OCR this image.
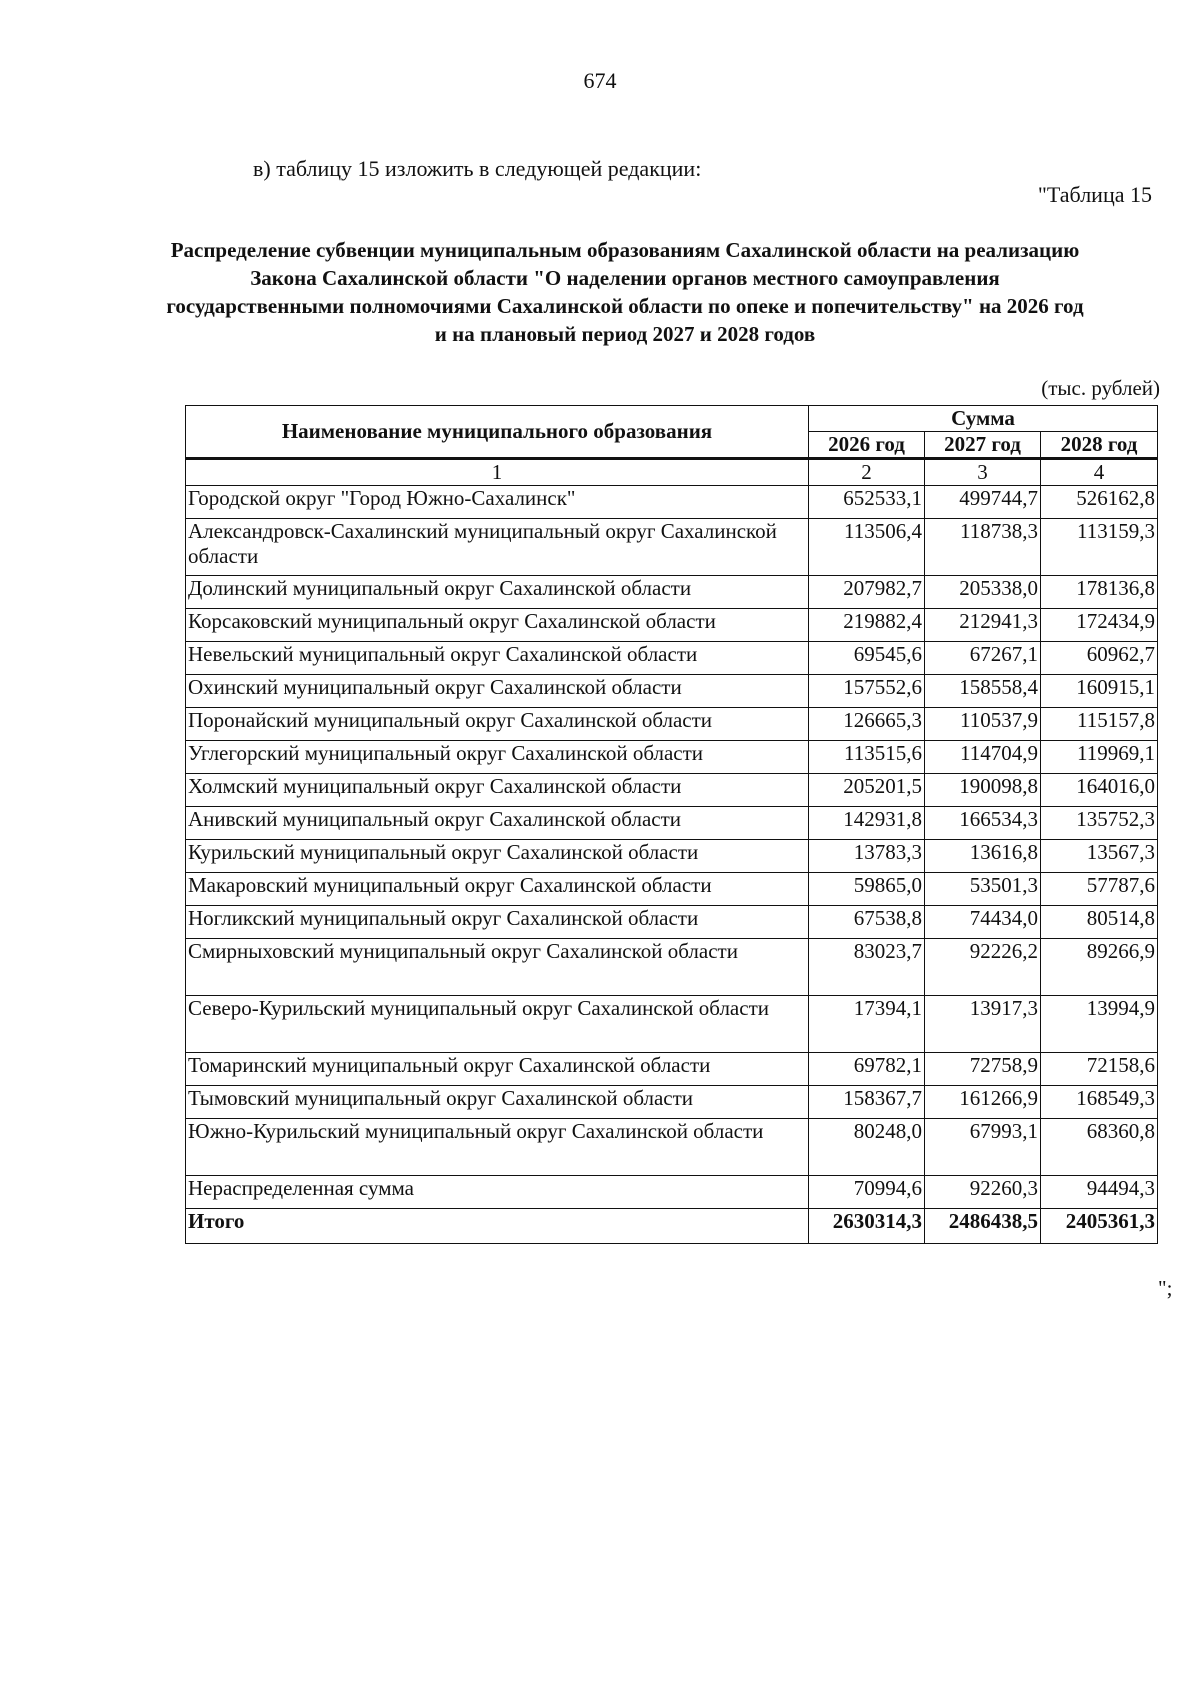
674
в) таблицу 15 изложить в следующей редакции:
"Таблица 15
Распределение субвенции муниципальным образованиям Сахалинской области на реализацию Закона Сахалинской области "О наделении органов местного самоуправления государственными полномочиями Сахалинской области по опеке и попечительству" на 2026 год и на плановый период 2027 и 2028 годов
(тыс. рублей)
Наименование муниципального образования	Сумма		
	2026 год	2027 год	2028 год
1	2	3	4
Городской округ "Город Южно-Сахалинск"	652533,1	499744,7	526162,8
Александровск-Сахалинский муниципальный округ Сахалинской области	113506,4	118738,3	113159,3
Долинский муниципальный округ Сахалинской области	207982,7	205338,0	178136,8
Корсаковский муниципальный округ Сахалинской области	219882,4	212941,3	172434,9
Невельский муниципальный округ Сахалинской области	69545,6	67267,1	60962,7
Охинский муниципальный округ Сахалинской области	157552,6	158558,4	160915,1
Поронайский муниципальный округ Сахалинской области	126665,3	110537,9	115157,8
Углегорский муниципальный округ Сахалинской области	113515,6	114704,9	119969,1
Холмский муниципальный округ Сахалинской области	205201,5	190098,8	164016,0
Анивский муниципальный округ Сахалинской области	142931,8	166534,3	135752,3
Курильский муниципальный округ Сахалинской области	13783,3	13616,8	13567,3
Макаровский муниципальный округ Сахалинской области	59865,0	53501,3	57787,6
Ногликский муниципальный округ Сахалинской области	67538,8	74434,0	80514,8
Смирныховский муниципальный округ Сахалинской области	83023,7	92226,2	89266,9
Северо-Курильский муниципальный округ Сахалинской области	17394,1	13917,3	13994,9
Томаринский муниципальный округ Сахалинской области	69782,1	72758,9	72158,6
Тымовский муниципальный округ Сахалинской области	158367,7	161266,9	168549,3
Южно-Курильский муниципальный округ Сахалинской области	80248,0	67993,1	68360,8
Нераспределенная сумма	70994,6	92260,3	94494,3
Итого	2630314,3	2486438,5	2405361,3
";
